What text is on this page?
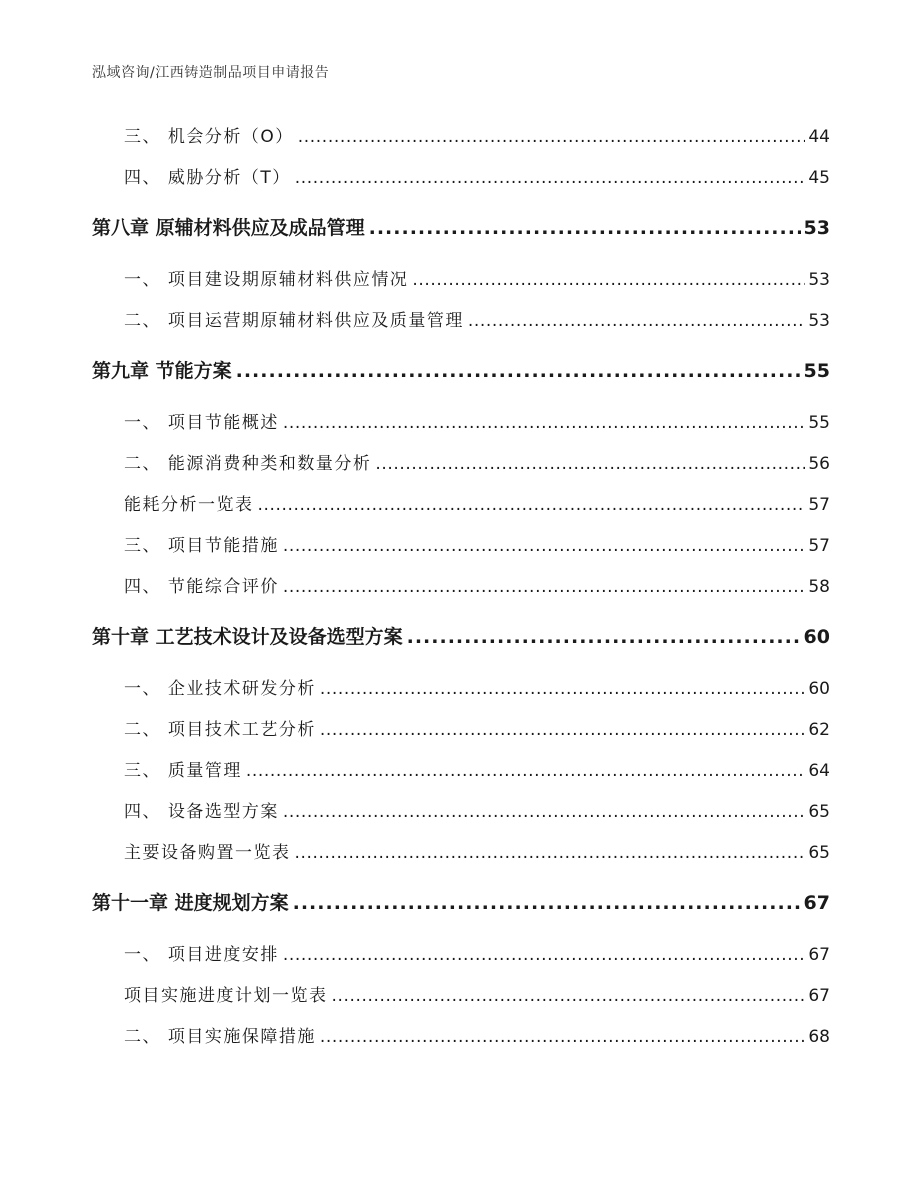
泓域咨询/江西铸造制品项目申请报告
三、 机会分析（O） .....	44
四、 威胁分析（T） .....	45
第八章 原辅材料供应及成品管理 .....	53
一、 项目建设期原辅材料供应情况 .....	53
二、 项目运营期原辅材料供应及质量管理 .....	53
第九章 节能方案 .....	55
一、 项目节能概述 .....	55
二、 能源消费种类和数量分析 .....	56
能耗分析一览表 .....	57
三、 项目节能措施 .....	57
四、 节能综合评价 .....	58
第十章 工艺技术设计及设备选型方案 .....	60
一、 企业技术研发分析 .....	60
二、 项目技术工艺分析 .....	62
三、 质量管理 .....	64
四、 设备选型方案 .....	65
主要设备购置一览表 .....	65
第十一章 进度规划方案 .....	67
一、 项目进度安排 .....	67
项目实施进度计划一览表 .....	67
二、 项目实施保障措施 .....	68
